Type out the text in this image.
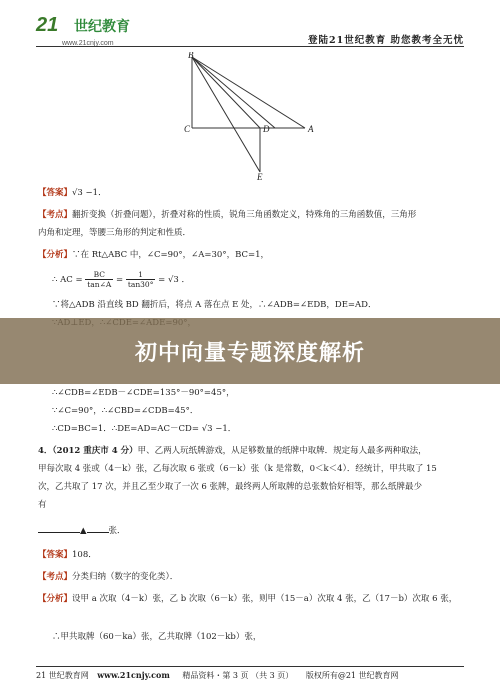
21 世纪教育
www.21cnjy.com	登陆21世纪教育 助您教考全无忧
B
C	D	A
E
【答案】√3 −1．
【考点】翻折变换（折叠问题），折叠对称的性质，锐角三角函数定义，特殊角的三角函数值，三角形
内角和定理，等腰三角形的判定和性质．
【分析】∵在 Rt△ABC 中，∠C=90°，∠A=30°，BC=1，
∴ AC = $\frac{BC}{\tan\angle A} = \frac{1}{\tan 30^\circ} = √3$ ．
∵将△ADB 沿直线 BD 翻折后，将点 A 落在点 E 处，∴∠ADB=∠EDB，DE=AD．
初中向量专题深度解析
∴∠CDB=∠EDB－∠CDE=135°－90°=45°，
∵∠C=90°，∴∠CBD=∠CDB=45°．
∴CD=BC=1．∴DE=AD=AC－CD= √3 −1．
4．（2012 重庆市 4 分）甲、乙两人玩纸牌游戏，从足够数量的纸牌中取牌．规定每人最多两种取法，
甲每次取 4 张或（4－k）张，乙每次取 6 张或（6－k）张（k 是常数，0＜k＜4）．经统计，甲共取了 15
次，乙共取了 17 次，并且乙至少取了一次 6 张牌，最终两人所取牌的总张数恰好相等，那么纸牌最少
有
▲	张．
【答案】108．
【考点】分类归纳（数字的变化类）．
【分析】设甲 a 次取（4－k）张，乙 b 次取（6－k）张，则甲（15－a）次取 4 张，乙（17－b）次取 6 张，
∴甲共取牌（60－ka）张，乙共取牌（102－kb）张，
21 世纪教育网 www.21cnjy.com 精品资料・第 3 页 （共 3 页） 版权所有@21 世纪教育网
